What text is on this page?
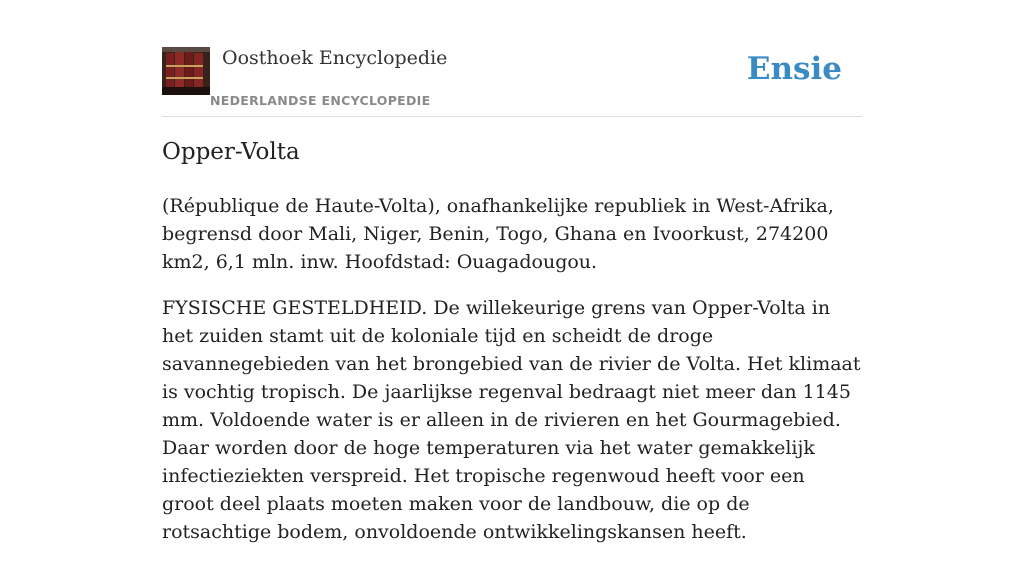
Oosthoek Encyclopedie
NEDERLANDSE ENCYCLOPEDIE
Ensie
Opper-Volta

(République de Haute-Volta), onafhankelijke republiek in West-Afrika, begrensd door Mali, Niger, Benin, Togo, Ghana en Ivoorkust, 274200 km2, 6,1 mln. inw. Hoofdstad: Ouagadougou.

FYSISCHE GESTELDHEID. De willekeurige grens van Opper-Volta in het zuiden stamt uit de koloniale tijd en scheidt de droge savannegebieden van het brongebied van de rivier de Volta. Het klimaat is vochtig tropisch. De jaarlijkse regenval bedraagt niet meer dan 1145 mm. Voldoende water is er alleen in de rivieren en het Gourmagebied. Daar worden door de hoge temperaturen via het water gemakkelijk infectieziekten verspreid. Het tropische regenwoud heeft voor een groot deel plaats moeten maken voor de landbouw, die op de rotsachtige bodem, onvoldoende ontwikkelingskansen heeft.
